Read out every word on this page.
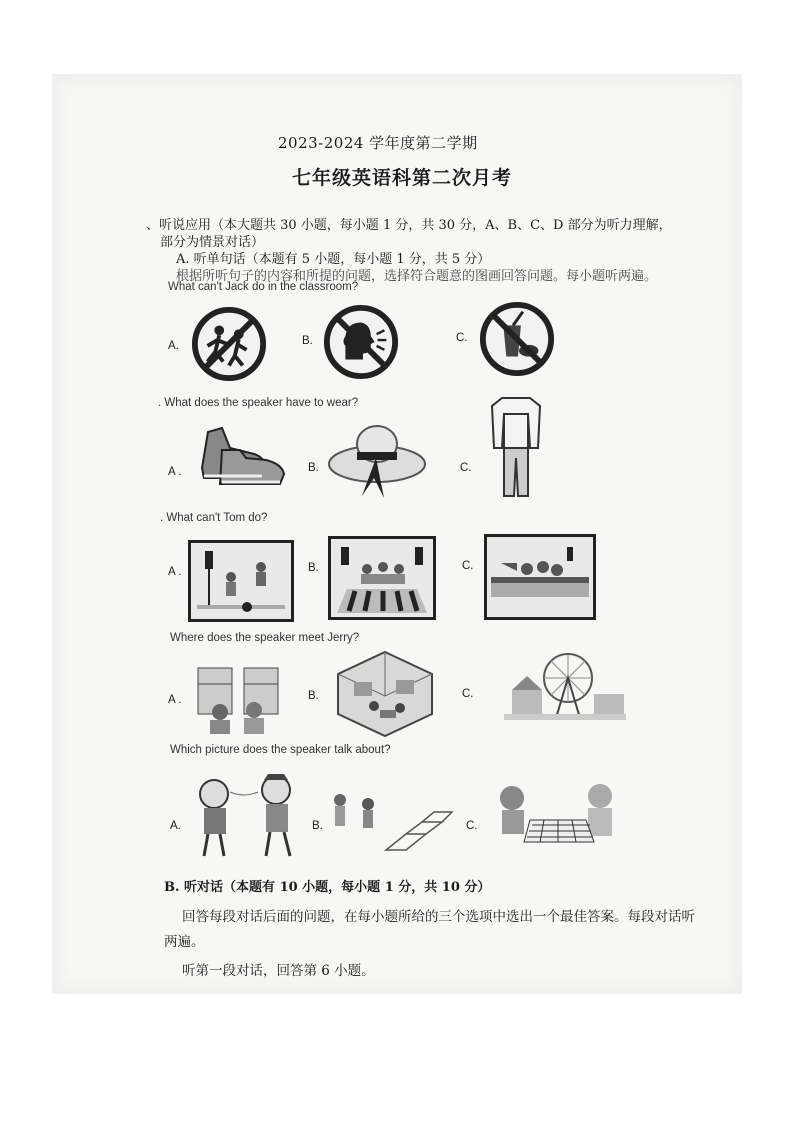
2023-2024 学年度第二学期
七年级英语科第二次月考
、听说应用（本大题共 30 小题，每小题 1 分，共 30 分，A、B、C、D 部分为听力理解，
部分为情景对话）
A. 听单句话（本题有 5 小题，每小题 1 分，共 5 分）
根据所听句子的内容和所提的问题，选择符合题意的图画回答问题。每小题听两遍。
What can't Jack do in the classroom?
A.	B.	C.
. What does the speaker have to wear?
A .	B.	C.
. What can't Tom do?
A .	B.	C.
Where does the speaker meet Jerry?
A .	B.	C.
Which picture does the speaker talk about?
A.	B.	C.
B. 听对话（本题有 10 小题，每小题 1 分，共 10 分）
回答每段对话后面的问题，在每小题所给的三个选项中选出一个最佳答案。每段对话听
两遍。
听第一段对话，回答第 6 小题。
